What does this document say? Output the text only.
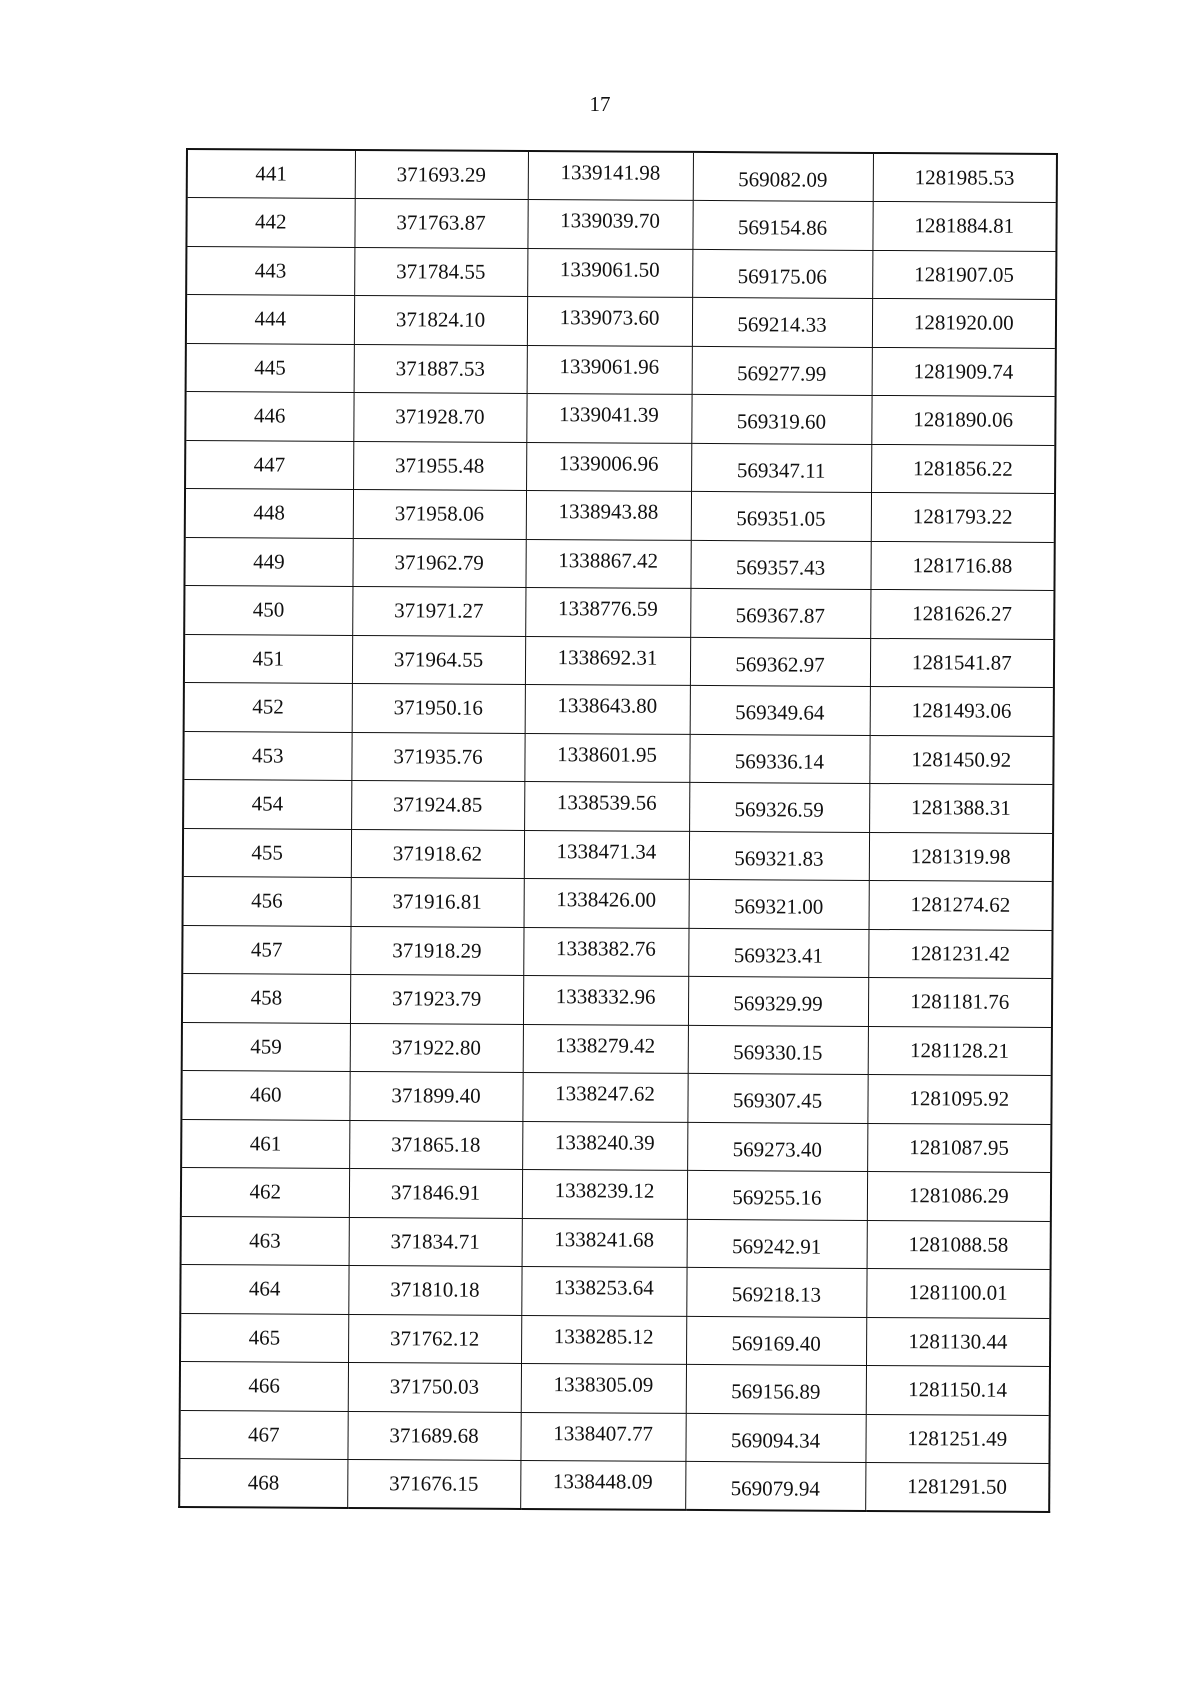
17
441	371693.29	1339141.98	569082.09	1281985.53
442	371763.87	1339039.70	569154.86	1281884.81
443	371784.55	1339061.50	569175.06	1281907.05
444	371824.10	1339073.60	569214.33	1281920.00
445	371887.53	1339061.96	569277.99	1281909.74
446	371928.70	1339041.39	569319.60	1281890.06
447	371955.48	1339006.96	569347.11	1281856.22
448	371958.06	1338943.88	569351.05	1281793.22
449	371962.79	1338867.42	569357.43	1281716.88
450	371971.27	1338776.59	569367.87	1281626.27
451	371964.55	1338692.31	569362.97	1281541.87
452	371950.16	1338643.80	569349.64	1281493.06
453	371935.76	1338601.95	569336.14	1281450.92
454	371924.85	1338539.56	569326.59	1281388.31
455	371918.62	1338471.34	569321.83	1281319.98
456	371916.81	1338426.00	569321.00	1281274.62
457	371918.29	1338382.76	569323.41	1281231.42
458	371923.79	1338332.96	569329.99	1281181.76
459	371922.80	1338279.42	569330.15	1281128.21
460	371899.40	1338247.62	569307.45	1281095.92
461	371865.18	1338240.39	569273.40	1281087.95
462	371846.91	1338239.12	569255.16	1281086.29
463	371834.71	1338241.68	569242.91	1281088.58
464	371810.18	1338253.64	569218.13	1281100.01
465	371762.12	1338285.12	569169.40	1281130.44
466	371750.03	1338305.09	569156.89	1281150.14
467	371689.68	1338407.77	569094.34	1281251.49
468	371676.15	1338448.09	569079.94	1281291.50
